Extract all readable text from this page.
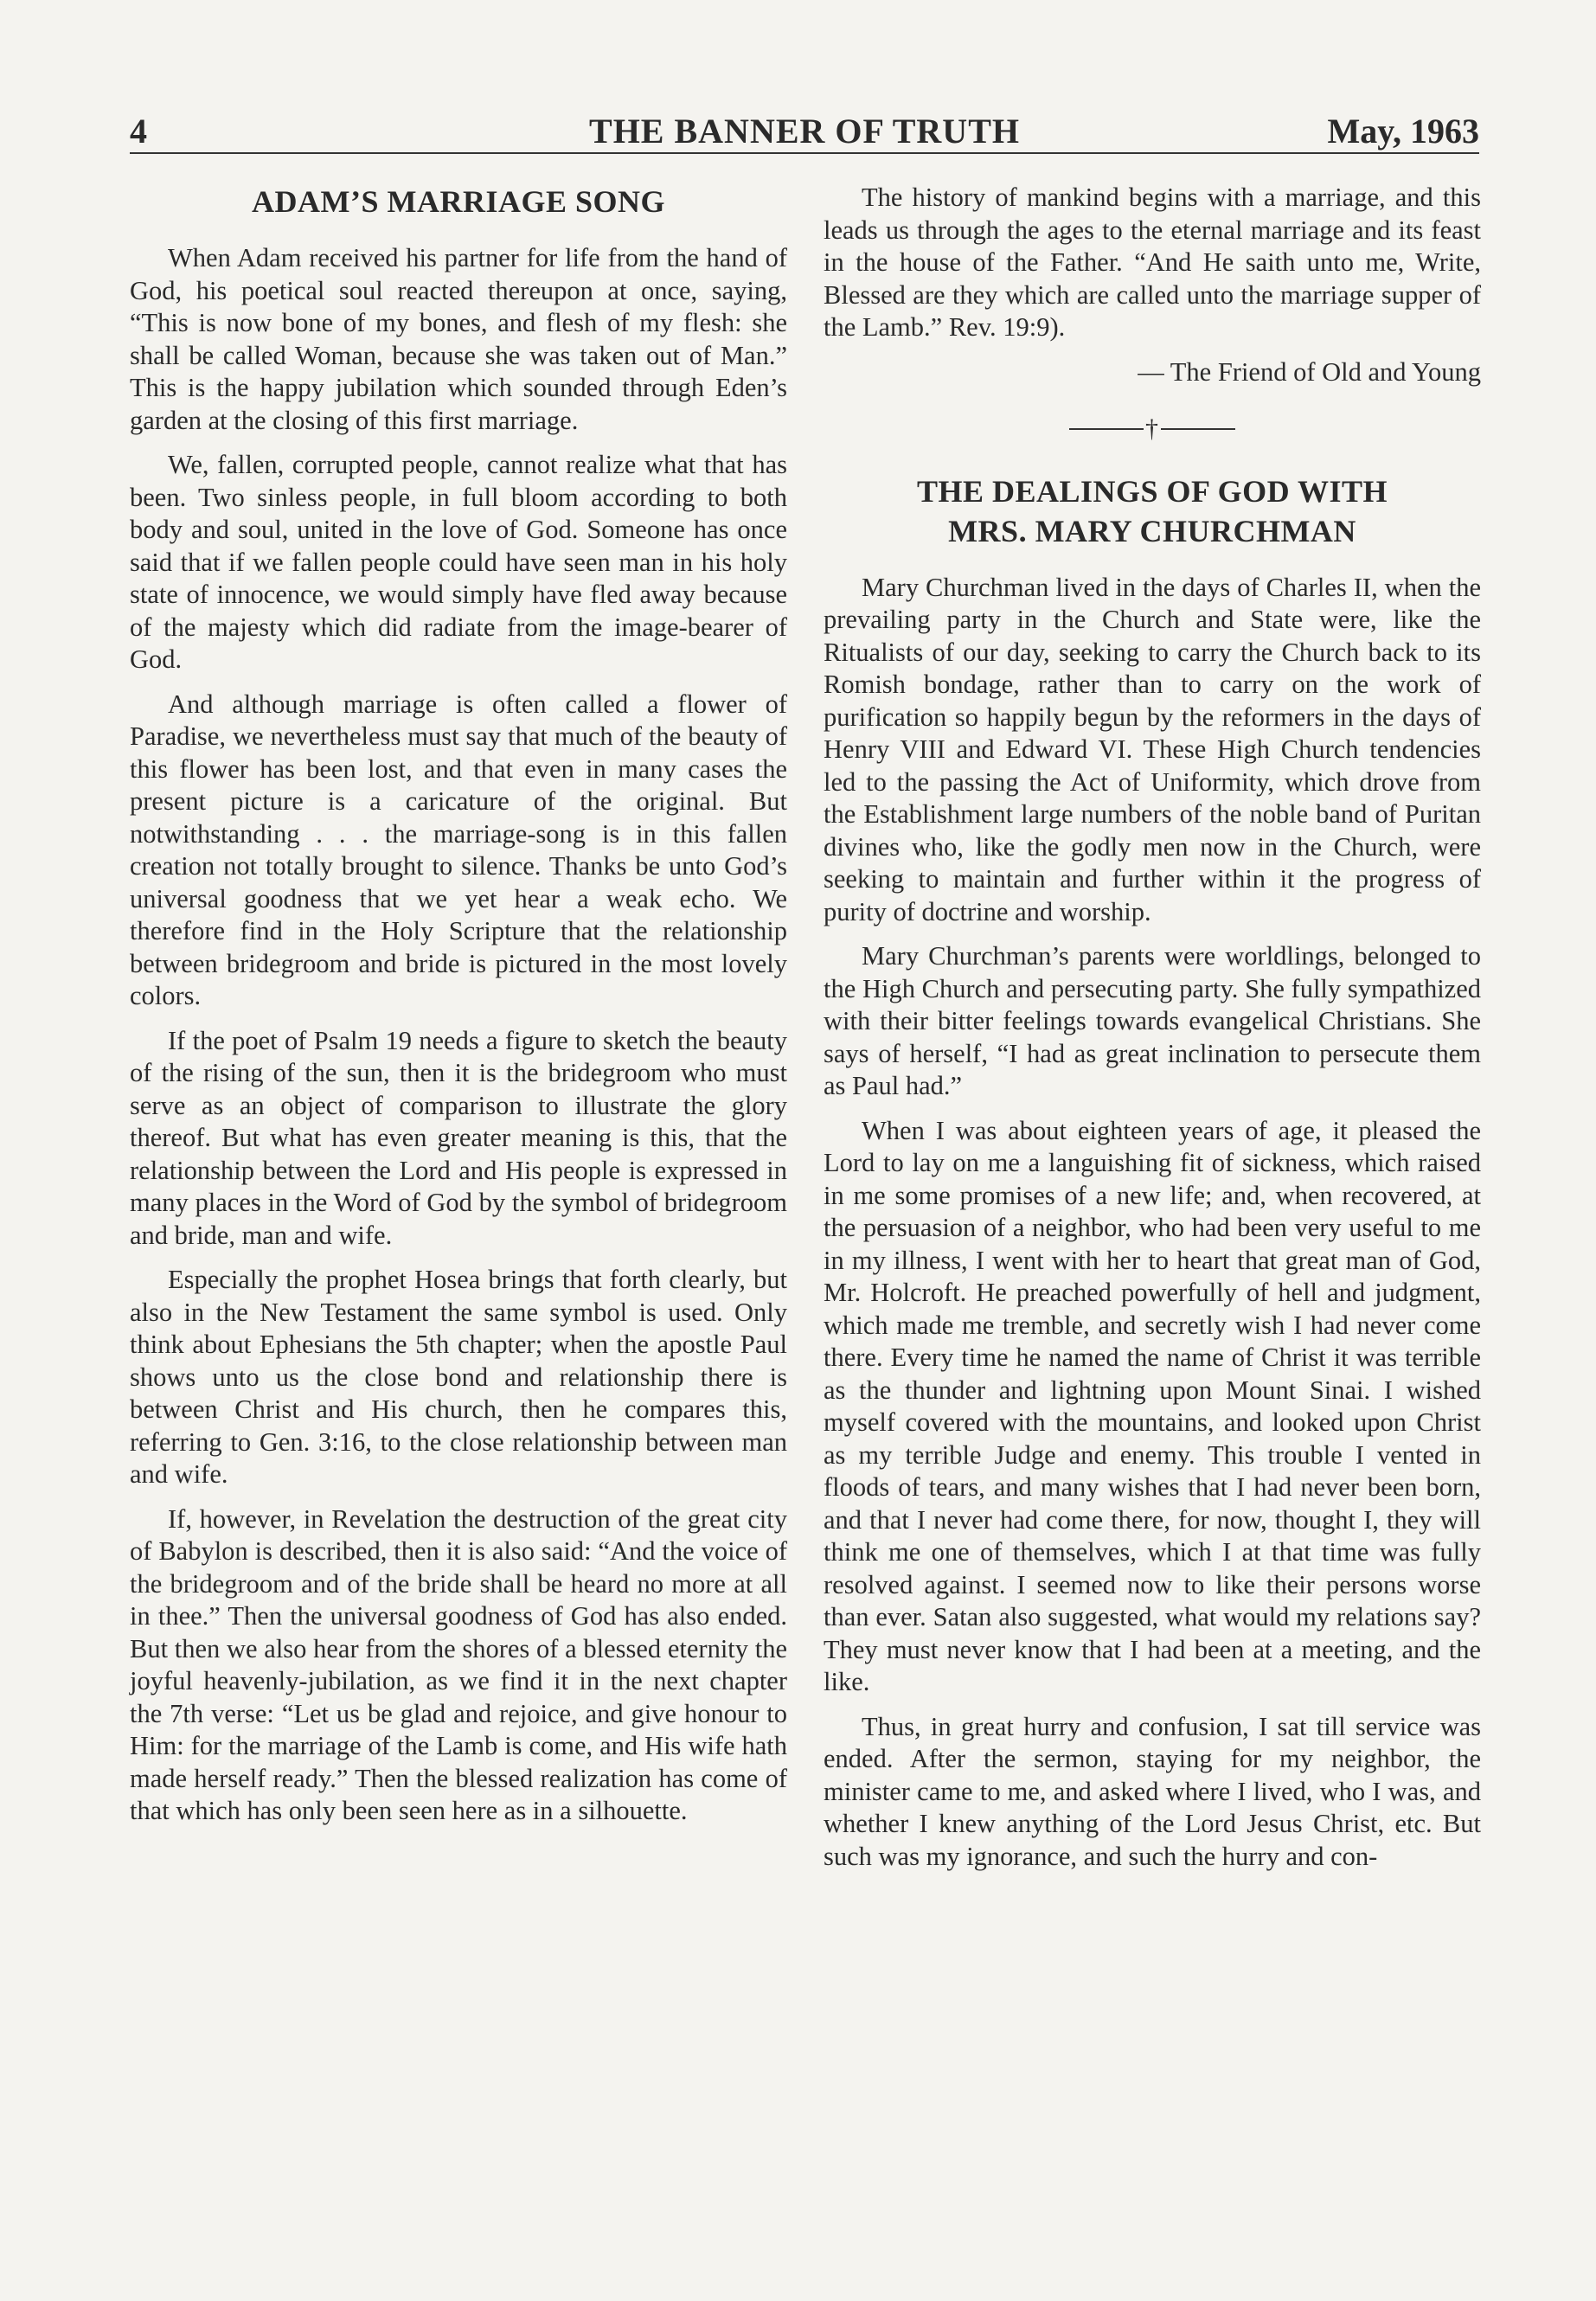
4	THE BANNER OF TRUTH	May, 1963
ADAM’S MARRIAGE SONG

When Adam received his partner for life from the hand of God, his poetical soul reacted thereupon at once, saying, “This is now bone of my bones, and flesh of my flesh: she shall be called Woman, because she was taken out of Man.” This is the happy jubilation which sounded through Eden’s garden at the closing of this first marriage.

We, fallen, corrupted people, cannot realize what that has been. Two sinless people, in full bloom according to both body and soul, united in the love of God. Someone has once said that if we fallen people could have seen man in his holy state of innocence, we would simply have fled away because of the majesty which did radiate from the image-bearer of God.

And although marriage is often called a flower of Paradise, we nevertheless must say that much of the beauty of this flower has been lost, and that even in many cases the present picture is a caricature of the original. But notwithstanding . . . the marriage-song is in this fallen creation not totally brought to silence. Thanks be unto God’s universal goodness that we yet hear a weak echo. We therefore find in the Holy Scripture that the relationship between bridegroom and bride is pictured in the most lovely colors.

If the poet of Psalm 19 needs a figure to sketch the beauty of the rising of the sun, then it is the bridegroom who must serve as an object of comparison to illustrate the glory thereof. But what has even greater meaning is this, that the relationship between the Lord and His people is expressed in many places in the Word of God by the symbol of bridegroom and bride, man and wife.

Especially the prophet Hosea brings that forth clearly, but also in the New Testament the same symbol is used. Only think about Ephesians the 5th chapter; when the apostle Paul shows unto us the close bond and relationship there is between Christ and His church, then he compares this, referring to Gen. 3:16, to the close relationship between man and wife.

If, however, in Revelation the destruction of the great city of Babylon is described, then it is also said: “And the voice of the bridegroom and of the bride shall be heard no more at all in thee.” Then the universal goodness of God has also ended. But then we also hear from the shores of a blessed eternity the joyful heavenly-jubilation, as we find it in the next chapter the 7th verse: “Let us be glad and rejoice, and give honour to Him: for the marriage of the Lamb is come, and His wife hath made herself ready.” Then the blessed realization has come of that which has only been seen here as in a silhouette.

The history of mankind begins with a marriage, and this leads us through the ages to the eternal marriage and its feast in the house of the Father. “And He saith unto me, Write, Blessed are they which are called unto the marriage supper of the Lamb.” Rev. 19:9).

— The Friend of Old and Young
†
THE DEALINGS OF GOD WITH
MRS. MARY CHURCHMAN

Mary Churchman lived in the days of Charles II, when the prevailing party in the Church and State were, like the Ritualists of our day, seeking to carry the Church back to its Romish bondage, rather than to carry on the work of purification so happily begun by the reformers in the days of Henry VIII and Edward VI. These High Church tendencies led to the passing the Act of Uniformity, which drove from the Establishment large numbers of the noble band of Puritan divines who, like the godly men now in the Church, were seeking to maintain and further within it the progress of purity of doctrine and worship.

Mary Churchman’s parents were worldlings, belonged to the High Church and persecuting party. She fully sympathized with their bitter feelings towards evangelical Christians. She says of herself, “I had as great inclination to persecute them as Paul had.”

When I was about eighteen years of age, it pleased the Lord to lay on me a languishing fit of sickness, which raised in me some promises of a new life; and, when recovered, at the persuasion of a neighbor, who had been very useful to me in my illness, I went with her to heart that great man of God, Mr. Holcroft. He preached powerfully of hell and judgment, which made me tremble, and secretly wish I had never come there. Every time he named the name of Christ it was terrible as the thunder and lightning upon Mount Sinai. I wished myself covered with the mountains, and looked upon Christ as my terrible Judge and enemy. This trouble I vented in floods of tears, and many wishes that I had never been born, and that I never had come there, for now, thought I, they will think me one of themselves, which I at that time was fully resolved against. I seemed now to like their persons worse than ever. Satan also suggested, what would my relations say? They must never know that I had been at a meeting, and the like.

Thus, in great hurry and confusion, I sat till service was ended. After the sermon, staying for my neighbor, the minister came to me, and asked where I lived, who I was, and whether I knew anything of the Lord Jesus Christ, etc. But such was my ignorance, and such the hurry and con-
